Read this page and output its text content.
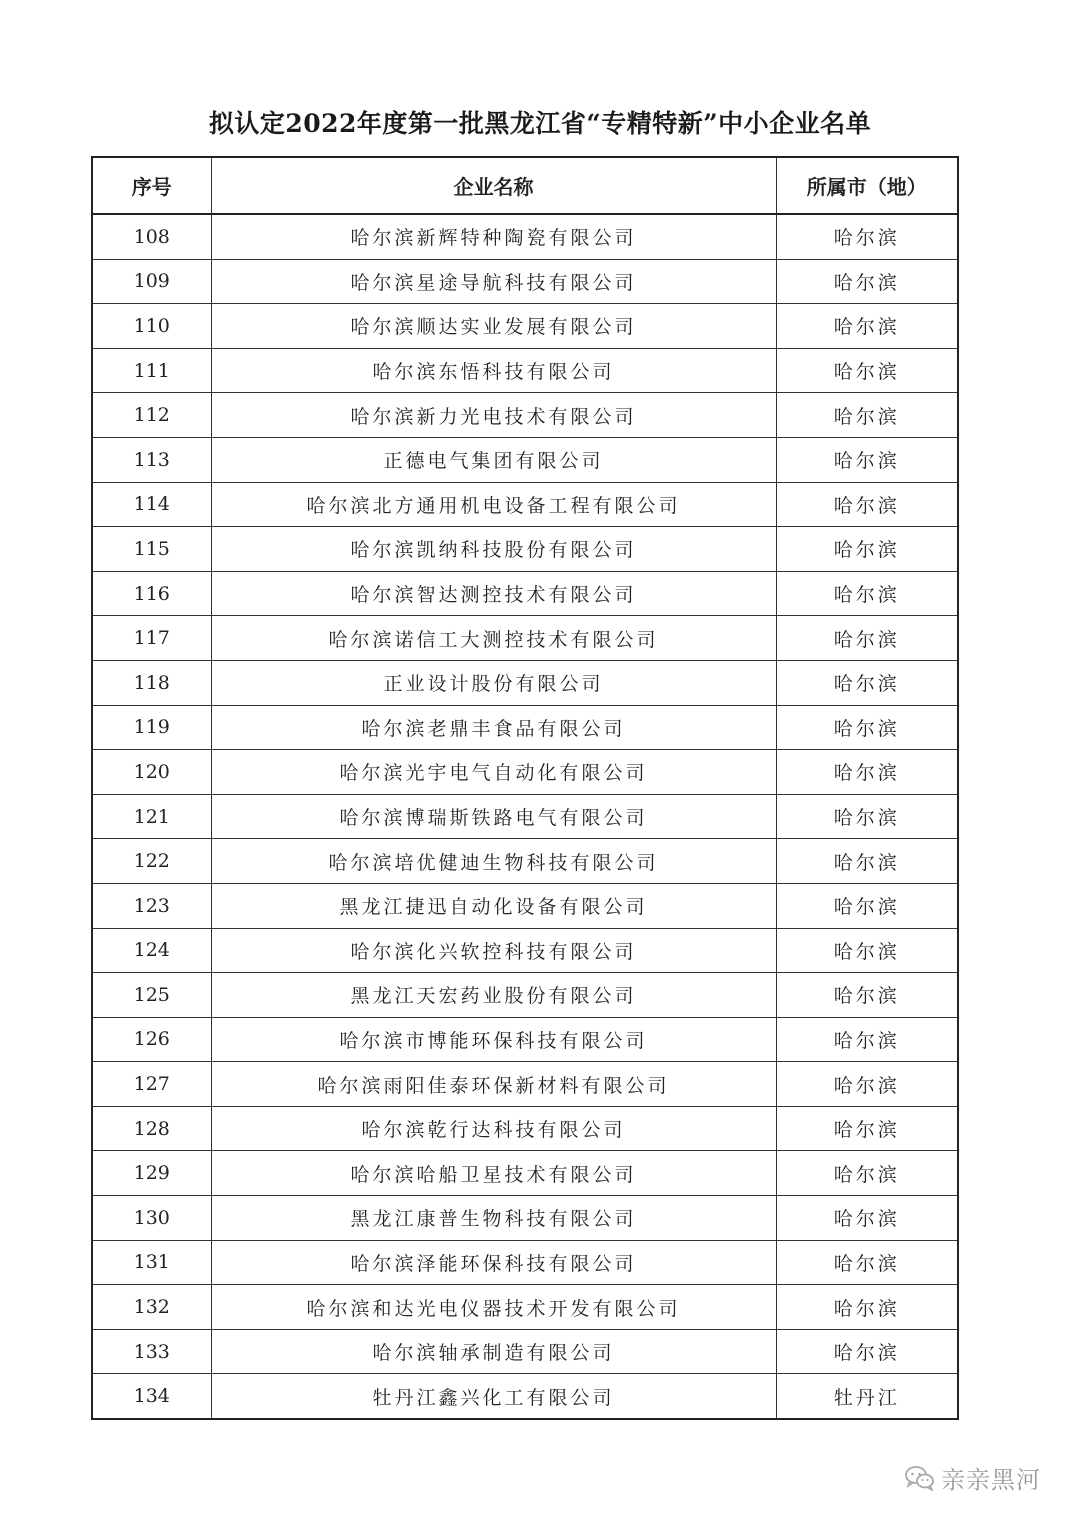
拟认定2022年度第一批黑龙江省“专精特新”中小企业名单
序号	企业名称	所属市（地）
108	哈尔滨新辉特种陶瓷有限公司	哈尔滨
109	哈尔滨星途导航科技有限公司	哈尔滨
110	哈尔滨顺达实业发展有限公司	哈尔滨
111	哈尔滨东悟科技有限公司	哈尔滨
112	哈尔滨新力光电技术有限公司	哈尔滨
113	正德电气集团有限公司	哈尔滨
114	哈尔滨北方通用机电设备工程有限公司	哈尔滨
115	哈尔滨凯纳科技股份有限公司	哈尔滨
116	哈尔滨智达测控技术有限公司	哈尔滨
117	哈尔滨诺信工大测控技术有限公司	哈尔滨
118	正业设计股份有限公司	哈尔滨
119	哈尔滨老鼎丰食品有限公司	哈尔滨
120	哈尔滨光宇电气自动化有限公司	哈尔滨
121	哈尔滨博瑞斯铁路电气有限公司	哈尔滨
122	哈尔滨培优健迪生物科技有限公司	哈尔滨
123	黑龙江捷迅自动化设备有限公司	哈尔滨
124	哈尔滨化兴软控科技有限公司	哈尔滨
125	黑龙江天宏药业股份有限公司	哈尔滨
126	哈尔滨市博能环保科技有限公司	哈尔滨
127	哈尔滨雨阳佳泰环保新材料有限公司	哈尔滨
128	哈尔滨乾行达科技有限公司	哈尔滨
129	哈尔滨哈船卫星技术有限公司	哈尔滨
130	黑龙江康普生物科技有限公司	哈尔滨
131	哈尔滨泽能环保科技有限公司	哈尔滨
132	哈尔滨和达光电仪器技术开发有限公司	哈尔滨
133	哈尔滨轴承制造有限公司	哈尔滨
134	牡丹江鑫兴化工有限公司	牡丹江
亲亲黑河
